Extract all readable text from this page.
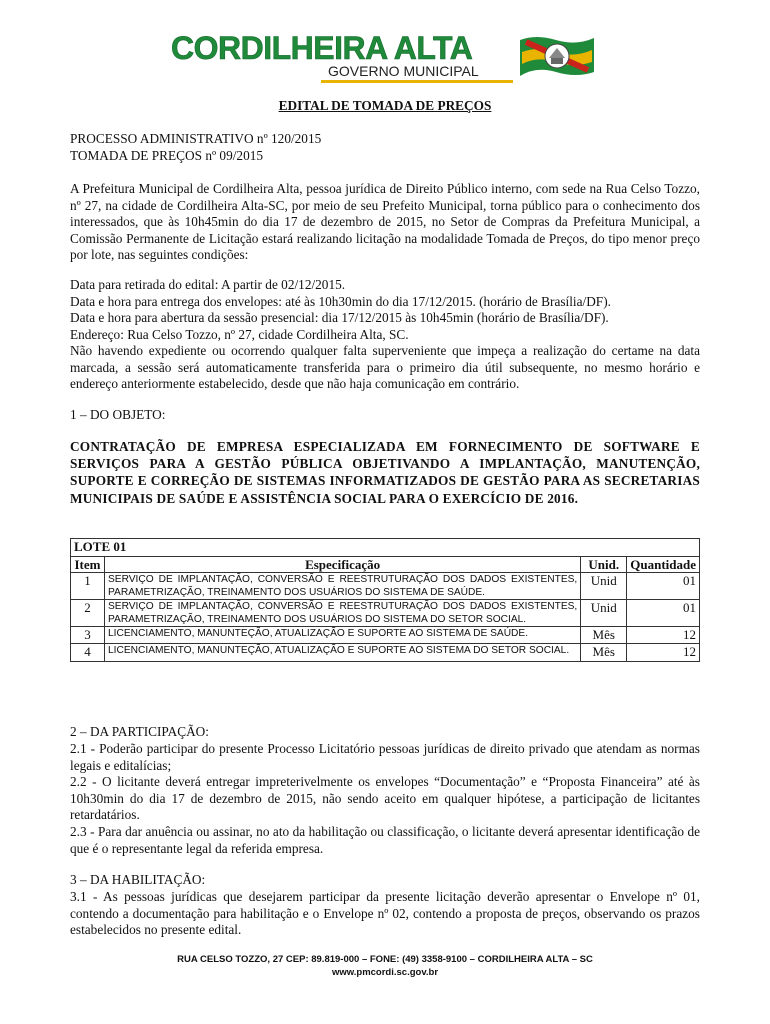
CORDILHEIRA ALTA
GOVERNO MUNICIPAL
EDITAL DE TOMADA DE PREÇOS
PROCESSO ADMINISTRATIVO nº 120/2015
TOMADA DE PREÇOS nº 09/2015

A Prefeitura Municipal de Cordilheira Alta, pessoa jurídica de Direito Público interno, com sede na Rua Celso Tozzo, nº 27, na cidade de Cordilheira Alta-SC, por meio de seu Prefeito Municipal, torna público para o conhecimento dos interessados, que às 10h45min do dia 17 de dezembro de 2015, no Setor de Compras da Prefeitura Municipal, a Comissão Permanente de Licitação estará realizando licitação na modalidade Tomada de Preços, do tipo menor preço por lote, nas seguintes condições:

Data para retirada do edital: A partir de 02/12/2015.
Data e hora para entrega dos envelopes: até às 10h30min do dia 17/12/2015. (horário de Brasília/DF).
Data e hora para abertura da sessão presencial: dia 17/12/2015 às 10h45min (horário de Brasília/DF).
Endereço: Rua Celso Tozzo, nº 27, cidade Cordilheira Alta, SC.

Não havendo expediente ou ocorrendo qualquer falta superveniente que impeça a realização do certame na data marcada, a sessão será automaticamente transferida para o primeiro dia útil subsequente, no mesmo horário e endereço anteriormente estabelecido, desde que não haja comunicação em contrário.

1 – DO OBJETO:

CONTRATAÇÃO DE EMPRESA ESPECIALIZADA EM FORNECIMENTO DE SOFTWARE E SERVIÇOS PARA A GESTÃO PÚBLICA OBJETIVANDO A IMPLANTAÇÃO, MANUTENÇÃO, SUPORTE E CORREÇÃO DE SISTEMAS INFORMATIZADOS DE GESTÃO PARA AS SECRETARIAS MUNICIPAIS DE SAÚDE E ASSISTÊNCIA SOCIAL PARA O EXERCÍCIO DE 2016.

LOTE 01			
Item	Especificação	Unid.	Quantidade
1	SERVIÇO DE IMPLANTAÇÃO, CONVERSÃO E REESTRUTURAÇÃO DOS DADOS EXISTENTES, PARAMETRIZAÇÃO, TREINAMENTO DOS USUÁRIOS DO SISTEMA DE SAÚDE.	Unid	01
2	SERVIÇO DE IMPLANTAÇÃO, CONVERSÃO E REESTRUTURAÇÃO DOS DADOS EXISTENTES, PARAMETRIZAÇÃO, TREINAMENTO DOS USUÁRIOS DO SISTEMA DO SETOR SOCIAL.	Unid	01
3	LICENCIAMENTO, MANUNTEÇÃO, ATUALIZAÇÃO E SUPORTE AO SISTEMA DE SAÚDE.	Mês	12
4	LICENCIAMENTO, MANUNTEÇÃO, ATUALIZAÇÃO E SUPORTE AO SISTEMA DO SETOR SOCIAL.	Mês	12
2 – DA PARTICIPAÇÃO:
2.1 - Poderão participar do presente Processo Licitatório pessoas jurídicas de direito privado que atendam as normas legais e editalícias;
2.2 - O licitante deverá entregar impreterivelmente os envelopes “Documentação” e “Proposta Financeira” até às 10h30min do dia 17 de dezembro de 2015, não sendo aceito em qualquer hipótese, a participação de licitantes retardatários.
2.3 - Para dar anuência ou assinar, no ato da habilitação ou classificação, o licitante deverá apresentar identificação de que é o representante legal da referida empresa.
3 – DA HABILITAÇÃO:
3.1 - As pessoas jurídicas que desejarem participar da presente licitação deverão apresentar o Envelope nº 01, contendo a documentação para habilitação e o Envelope nº 02, contendo a proposta de preços, observando os prazos estabelecidos no presente edital.
RUA CELSO TOZZO, 27 CEP: 89.819-000 – FONE: (49) 3358-9100 – CORDILHEIRA ALTA – SC
www.pmcordi.sc.gov.br
